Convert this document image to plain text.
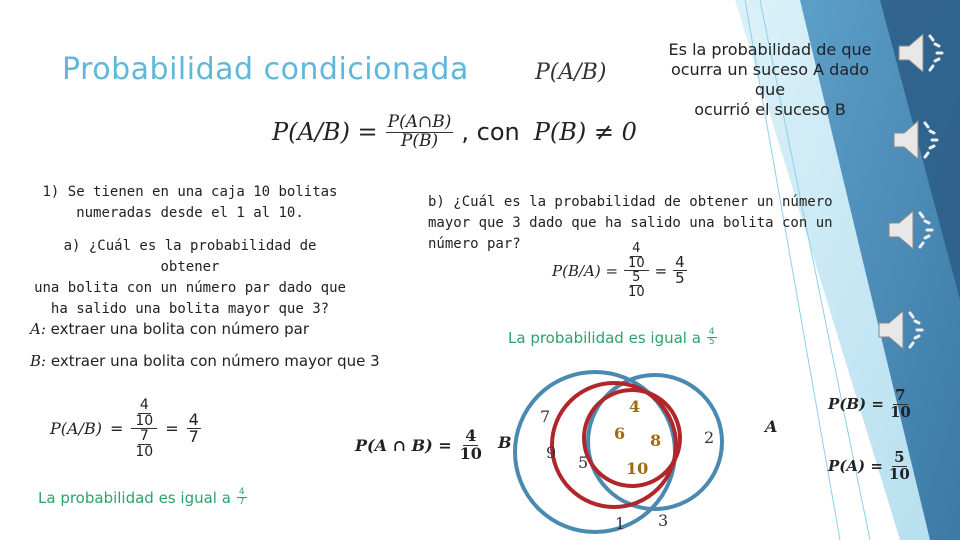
Probabilidad condicionada	P(A/B)
Es la probabilidad de que
ocurra un suceso A dado que
ocurrió el suceso B
$P(A/B) = \frac{P(A\cap B)}{P(B)}$ , con P(B) ≠ 0
1) Se tienen en una caja 10 bolitas
numeradas desde el 1 al 10.
a) ¿Cuál es la probabilidad de obtener
una bolita con un número par dado que
ha salido una bolita mayor que 3?
A: extraer una bolita con número par
B: extraer una bolita con número mayor que 3
$P(A/B) = \frac{\frac{4}{10}}{\frac{7}{10}} = \frac{4}{7}$
La probabilidad es igual a $\frac{4}{7}$
P(A ∩ $B) = \frac{4}{10}$
b) ¿Cuál es la probabilidad de obtener un número
mayor que 3 dado que ha salido una bolita con un
número par?
$P(B/A) = \frac{\frac{4}{10}}{\frac{5}{10}} = \frac{4}{5}$
La probabilidad es igual a $\frac{4}{5}$
7
9
5
2
1 3
4
6 8
10
B
A
$P(B) = \frac{7}{10}$
$P(A) = \frac{5}{10}$
